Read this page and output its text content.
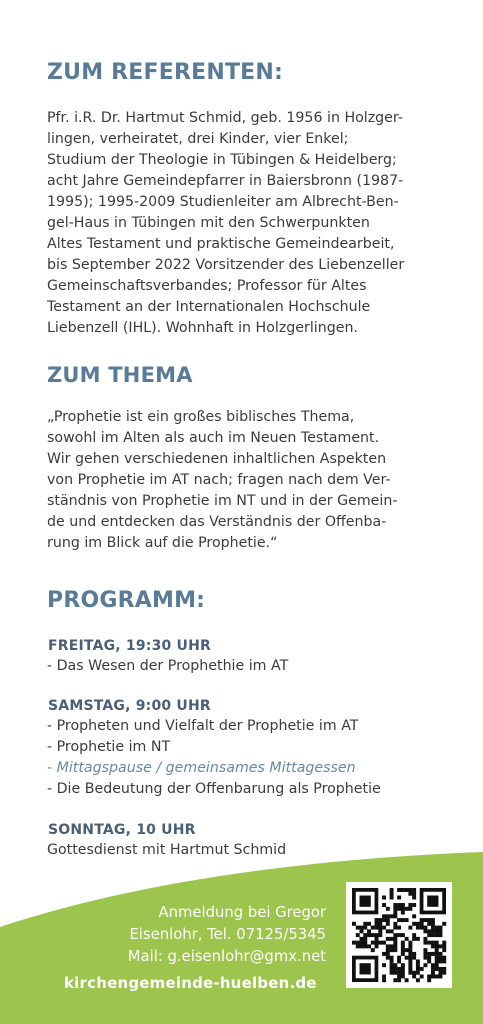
ZUM REFERENTEN:
Pfr. i.R. Dr. Hartmut Schmid, geb. 1956 in Holzger-
lingen, verheiratet, drei Kinder, vier Enkel;
Studium der Theologie in Tübingen & Heidelberg;
acht Jahre Gemeindepfarrer in Baiersbronn (1987-
1995); 1995-2009 Studienleiter am Albrecht-Ben-
gel-Haus in Tübingen mit den Schwerpunkten
Altes Testament und praktische Gemeindearbeit,
bis September 2022 Vorsitzender des Liebenzeller
Gemeinschaftsverbandes; Professor für Altes
Testament an der Internationalen Hochschule
Liebenzell (IHL). Wohnhaft in Holzgerlingen.
ZUM THEMA
„Prophetie ist ein großes biblisches Thema,
sowohl im Alten als auch im Neuen Testament.
Wir gehen verschiedenen inhaltlichen Aspekten
von Prophetie im AT nach; fragen nach dem Ver-
ständnis von Prophetie im NT und in der Gemein-
de und entdecken das Verständnis der Offenba-
rung im Blick auf die Prophetie.“
PROGRAMM:
FREITAG, 19:30 UHR
- Das Wesen der Prophethie im AT
SAMSTAG, 9:00 UHR
- Propheten und Vielfalt der Prophetie im AT
- Prophetie im NT
- Mittagspause / gemeinsames Mittagessen
- Die Bedeutung der Offenbarung als Prophetie
SONNTAG, 10 UHR
Gottesdienst mit Hartmut Schmid
Anmeldung bei Gregor
Eisenlohr, Tel. 07125/5345
Mail: g.eisenlohr@gmx.net
kirchengemeinde-huelben.de
